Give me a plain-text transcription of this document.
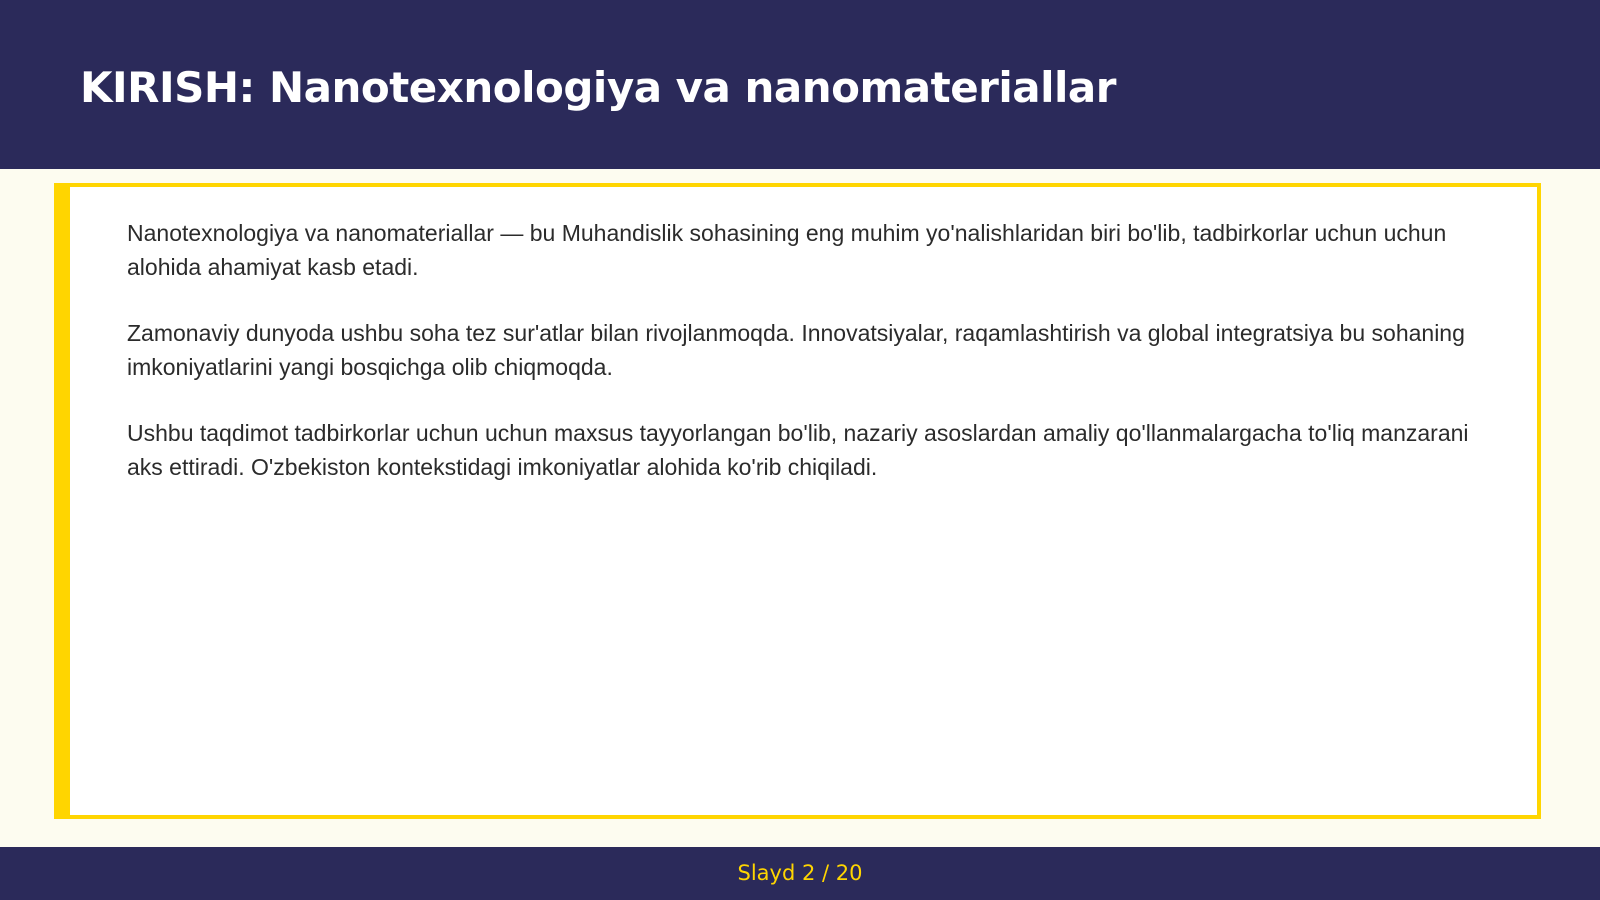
KIRISH: Nanotexnologiya va nanomateriallar

Nanotexnologiya va nanomateriallar — bu Muhandislik sohasining eng muhim yo'nalishlaridan biri bo'lib, tadbirkorlar uchun uchun alohida ahamiyat kasb etadi.

Zamonaviy dunyoda ushbu soha tez sur'atlar bilan rivojlanmoqda. Innovatsiyalar, raqamlashtirish va global integratsiya bu sohaning imkoniyatlarini yangi bosqichga olib chiqmoqda.

Ushbu taqdimot tadbirkorlar uchun uchun maxsus tayyorlangan bo'lib, nazariy asoslardan amaliy qo'llanmalargacha to'liq manzarani aks ettiradi. O'zbekiston kontekstidagi imkoniyatlar alohida ko'rib chiqiladi.

Slayd 2 / 20
